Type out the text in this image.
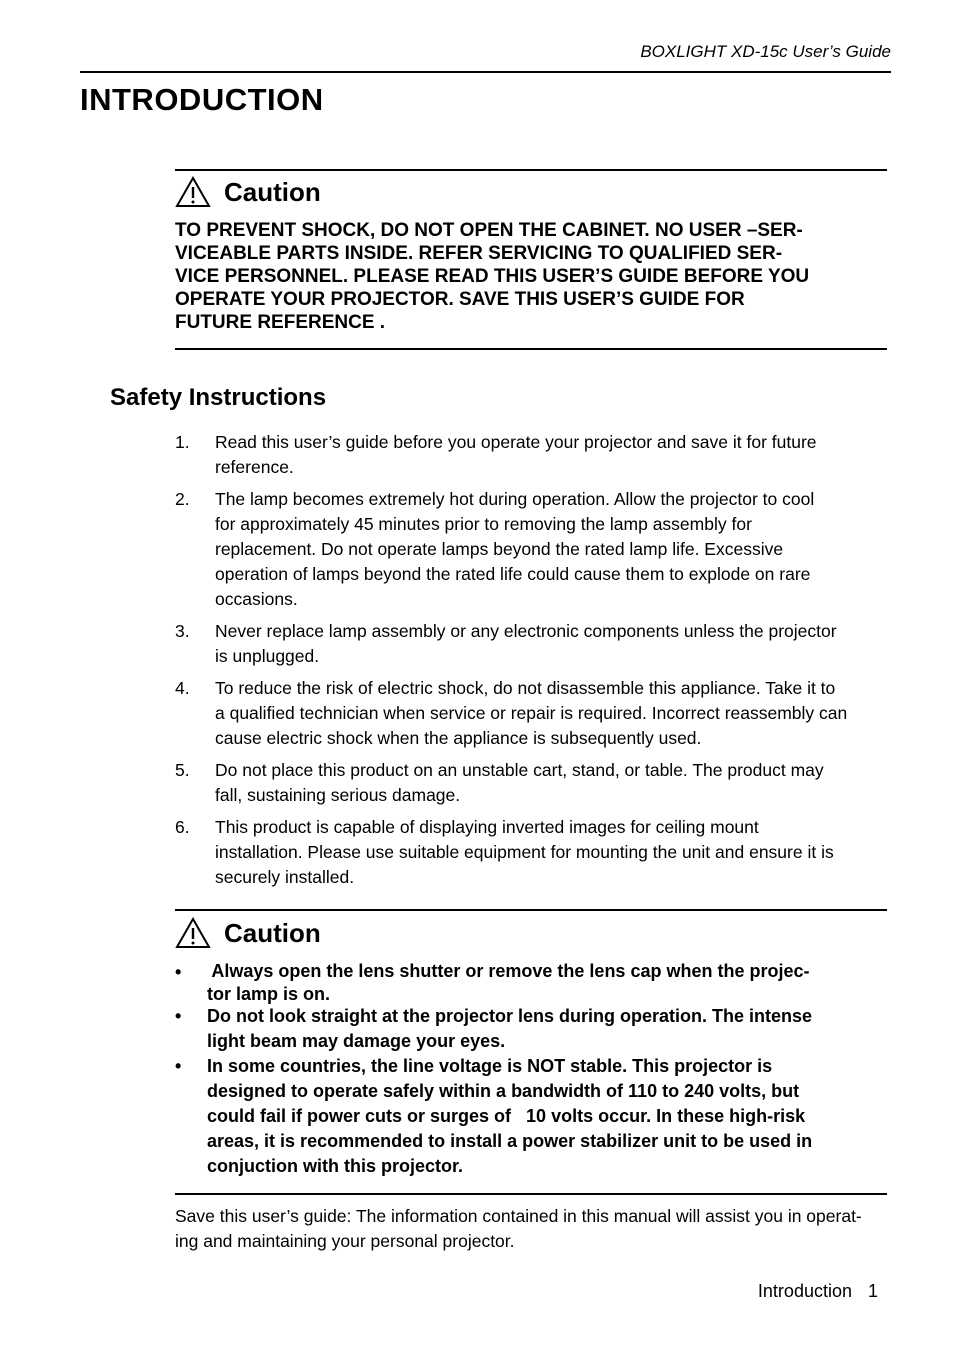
BOXLIGHT XD-15c User’s Guide
INTRODUCTION
Caution

TO PREVENT SHOCK, DO NOT OPEN THE CABINET. NO USER –SER-

VICEABLE PARTS INSIDE. REFER SERVICING TO QUALIFIED SER-

VICE PERSONNEL. PLEASE READ THIS USER’S GUIDE BEFORE YOU

OPERATE YOUR PROJECTOR. SAVE THIS USER’S GUIDE FOR

FUTURE REFERENCE .

Safety Instructions
1. Read this user’s guide before you operate your projector and save it for future
reference.
2. The lamp becomes extremely hot during operation. Allow the projector to cool
for approximately 45 minutes prior to removing the lamp assembly for
replacement. Do not operate lamps beyond the rated lamp life. Excessive
operation of lamps beyond the rated life could cause them to explode on rare
occasions.
3. Never replace lamp assembly or any electronic components unless the projector
is unplugged.
4. To reduce the risk of electric shock, do not disassemble this appliance. Take it to
a qualified technician when service or repair is required. Incorrect reassembly can
cause electric shock when the appliance is subsequently used.
5. Do not place this product on an unstable cart, stand, or table. The product may
fall, sustaining serious damage.
6. This product is capable of displaying inverted images for ceiling mount
installation. Please use suitable equipment for mounting the unit and ensure it is
securely installed.
Caution
• Always open the lens shutter or remove the lens cap when the projec-
tor lamp is on.
• Do not look straight at the projector lens during operation. The intense
light beam may damage your eyes.
• In some countries, the line voltage is NOT stable. This projector is
designed to operate safely within a bandwidth of 110 to 240 volts, but
could fail if power cuts or surges of   10 volts occur. In these high-risk
areas, it is recommended to install a power stabilizer unit to be used in
conjuction with this projector.
Save this user’s guide: The information contained in this manual will assist you in operat-
ing and maintaining your personal projector.
Introduction 1
